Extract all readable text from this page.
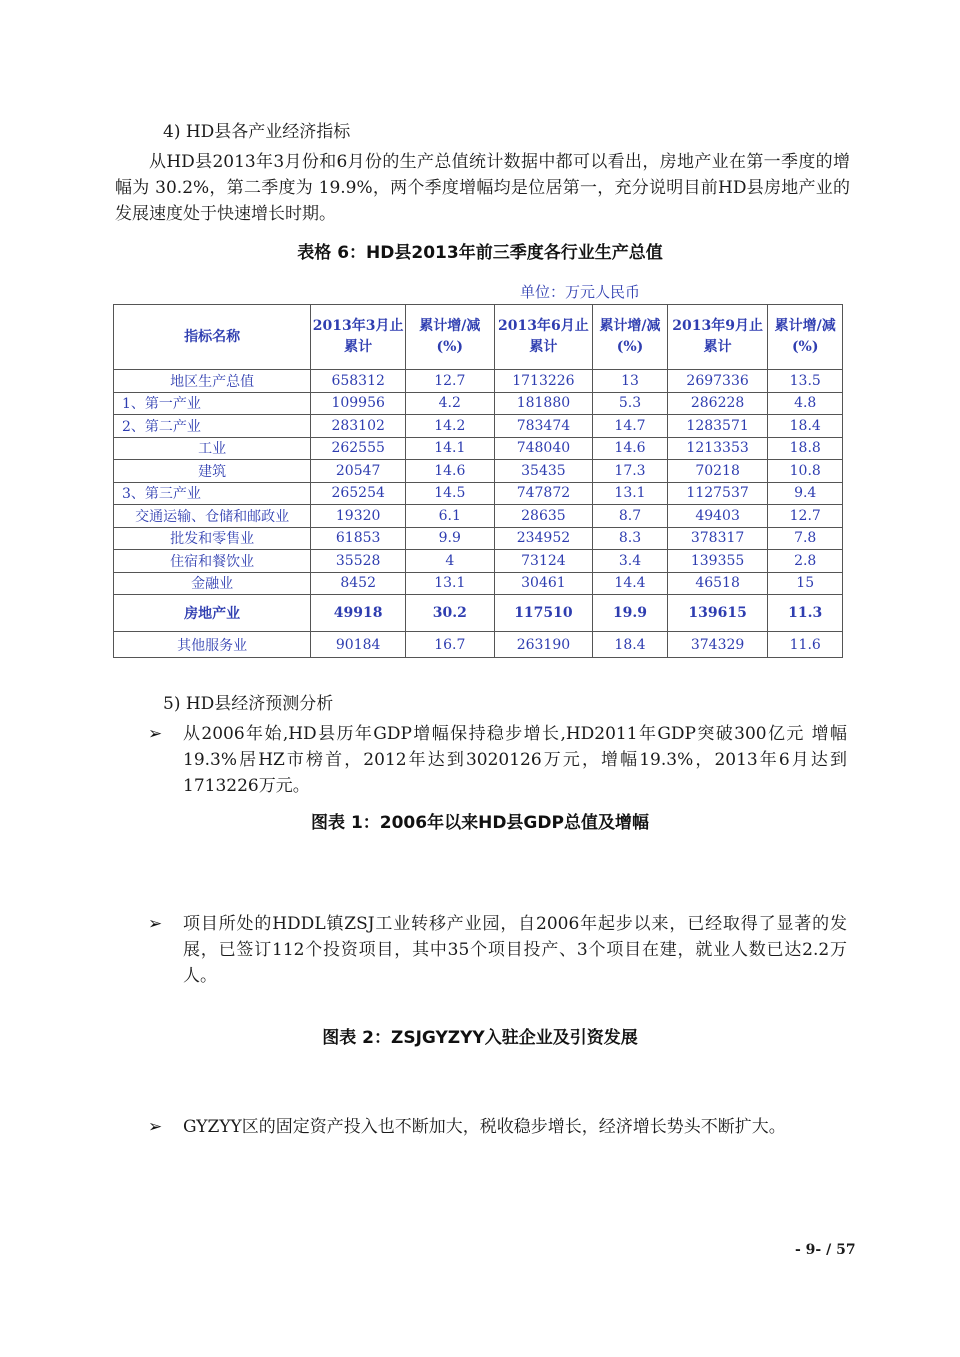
4) HD县各产业经济指标
从HD县2013年3月份和6月份的生产总值统计数据中都可以看出，房地产业在第一季度的增幅为 30.2%，第二季度为 19.9%，两个季度增幅均是位居第一，充分说明目前HD县房地产业的发展速度处于快速增长时期。
表格 6：HD县2013年前三季度各行业生产总值
单位：万元人民币
指标名称	2013年3月止累计	累计增/减(%)	2013年6月止累计	累计增/减(%)	2013年9月止累计	累计增/减(%)
地区生产总值	658312	12.7	1713226	13	2697336	13.5
1、第一产业	109956	4.2	181880	5.3	286228	4.8
2、第二产业	283102	14.2	783474	14.7	1283571	18.4
工业	262555	14.1	748040	14.6	1213353	18.8
建筑	20547	14.6	35435	17.3	70218	10.8
3、第三产业	265254	14.5	747872	13.1	1127537	9.4
交通运输、仓储和邮政业	19320	6.1	28635	8.7	49403	12.7
批发和零售业	61853	9.9	234952	8.3	378317	7.8
住宿和餐饮业	35528	4	73124	3.4	139355	2.8
金融业	8452	13.1	30461	14.4	46518	15
房地产业	49918	30.2	117510	19.9	139615	11.3
其他服务业	90184	16.7	263190	18.4	374329	11.6
5) HD县经济预测分析
➢	从2006年始,HD县历年GDP增幅保持稳步增长,HD2011年GDP突破300亿元 增幅19.3%居HZ市榜首，2012年达到3020126万元，增幅19.3%，2013年6月达到1713226万元。
图表 1：2006年以来HD县GDP总值及增幅
➢	项目所处的HDDL镇ZSJ工业转移产业园，自2006年起步以来，已经取得了显著的发展，已签订112个投资项目，其中35个项目投产、3个项目在建，就业人数已达2.2万人。
图表 2：ZSJGYZYY入驻企业及引资发展
➢	GYZYY区的固定资产投入也不断加大，税收稳步增长，经济增长势头不断扩大。
- 9- / 57
